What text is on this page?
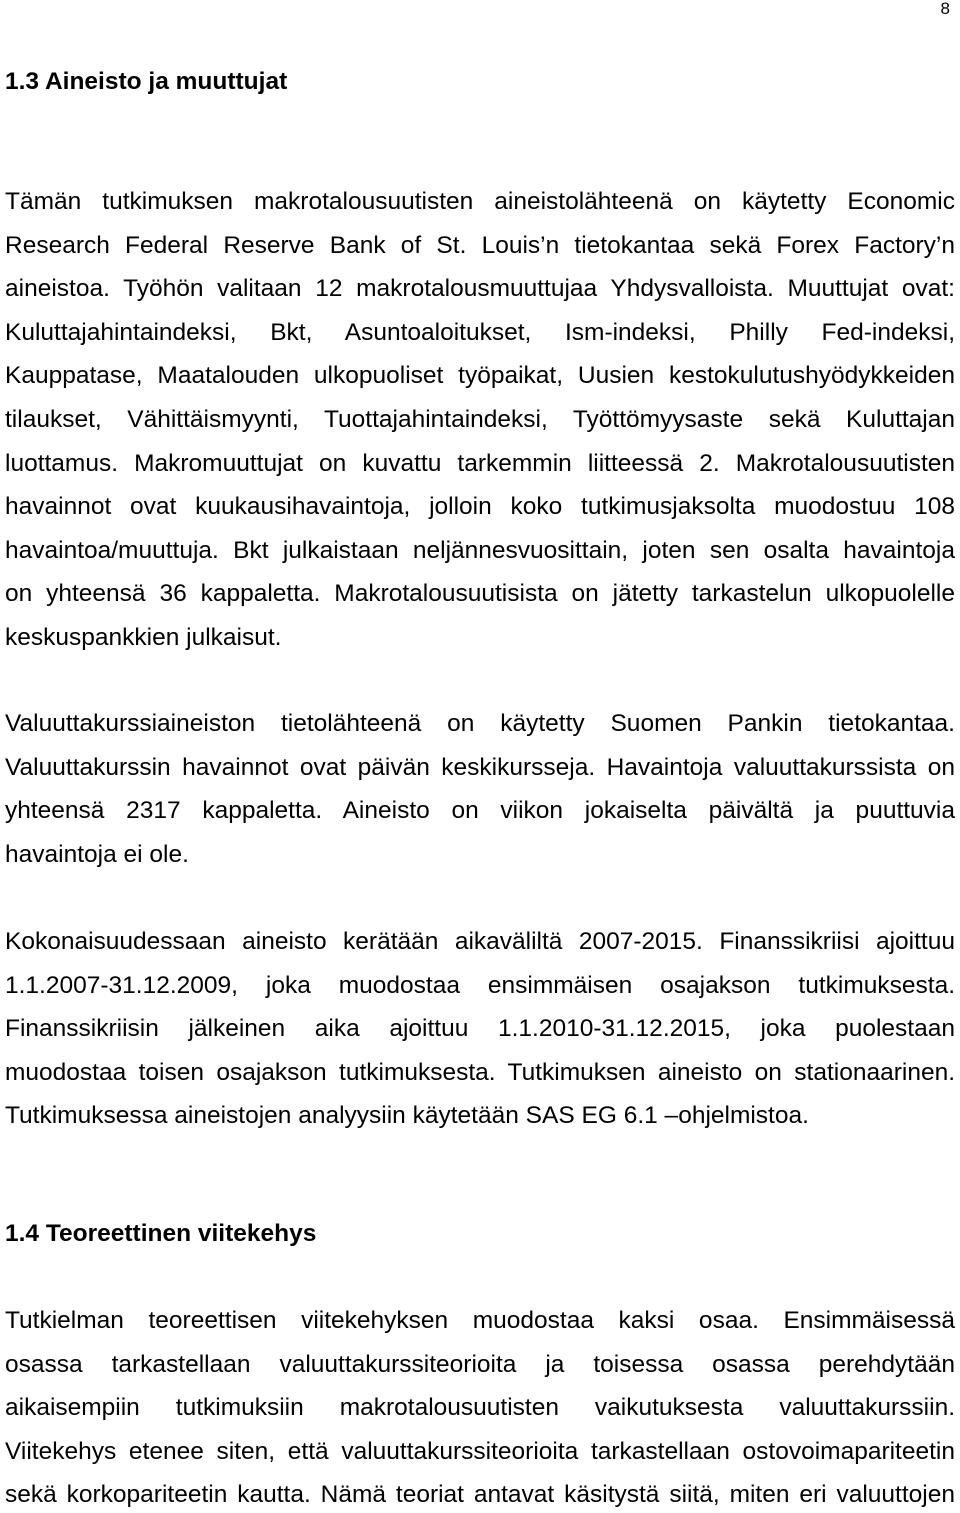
8
1.3 Aineisto ja muuttujat
Tämän tutkimuksen makrotalousuutisten aineistolähteenä on käytetty Economic
Research Federal Reserve Bank of St. Louis’n tietokantaa sekä Forex Factory’n
aineistoa. Työhön valitaan 12 makrotalousmuuttujaa Yhdysvalloista. Muuttujat ovat:
Kuluttajahintaindeksi, Bkt, Asuntoaloitukset, Ism-indeksi, Philly Fed-indeksi,
Kauppatase, Maatalouden ulkopuoliset työpaikat, Uusien kestokulutushyödykkeiden
tilaukset, Vähittäismyynti, Tuottajahintaindeksi, Työttömyysaste sekä Kuluttajan
luottamus. Makromuuttujat on kuvattu tarkemmin liitteessä 2. Makrotalousuutisten
havainnot ovat kuukausihavaintoja, jolloin koko tutkimusjaksolta muodostuu 108
havaintoa/muuttuja. Bkt julkaistaan neljännesvuosittain, joten sen osalta havaintoja
on yhteensä 36 kappaletta. Makrotalousuutisista on jätetty tarkastelun ulkopuolelle
keskuspankkien julkaisut.
Valuuttakurssiaineiston tietolähteenä on käytetty Suomen Pankin tietokantaa.
Valuuttakurssin havainnot ovat päivän keskikursseja. Havaintoja valuuttakurssista on
yhteensä 2317 kappaletta. Aineisto on viikon jokaiselta päivältä ja puuttuvia
havaintoja ei ole.
Kokonaisuudessaan aineisto kerätään aikaväliltä 2007-2015. Finanssikriisi ajoittuu
1.1.2007-31.12.2009, joka muodostaa ensimmäisen osajakson tutkimuksesta.
Finanssikriisin jälkeinen aika ajoittuu 1.1.2010-31.12.2015, joka puolestaan
muodostaa toisen osajakson tutkimuksesta. Tutkimuksen aineisto on stationaarinen.
Tutkimuksessa aineistojen analyysiin käytetään SAS EG 6.1 –ohjelmistoa.
1.4 Teoreettinen viitekehys
Tutkielman teoreettisen viitekehyksen muodostaa kaksi osaa. Ensimmäisessä
osassa tarkastellaan valuuttakurssiteorioita ja toisessa osassa perehdytään
aikaisempiin tutkimuksiin makrotalousuutisten vaikutuksesta valuuttakurssiin.
Viitekehys etenee siten, että valuuttakurssiteorioita tarkastellaan ostovoimapariteetin
sekä korkopariteetin kautta. Nämä teoriat antavat käsitystä siitä, miten eri valuuttojen
